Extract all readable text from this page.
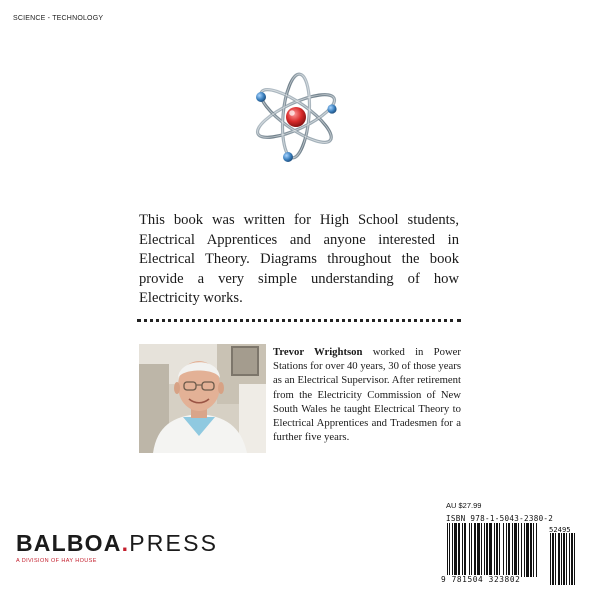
SCIENCE - TECHNOLOGY
This book was written for High School students, Electrical Apprentices and anyone interested in Electrical Theory. Diagrams throughout the book provide a very simple understanding of how Electricity works.
Trevor Wrightson worked in Power Stations for over 40 years, 30 of those years as an Electrical Supervisor. After retirement from the Electricity Commission of New South Wales he taught Electrical Theory to Electrical Apprentices and Tradesmen for a further five years.
BALBOA.PRESS
A DIVISION OF HAY HOUSE
AU $27.99
ISBN 978-1-5043-2380-2
52495
9 781504 323802
